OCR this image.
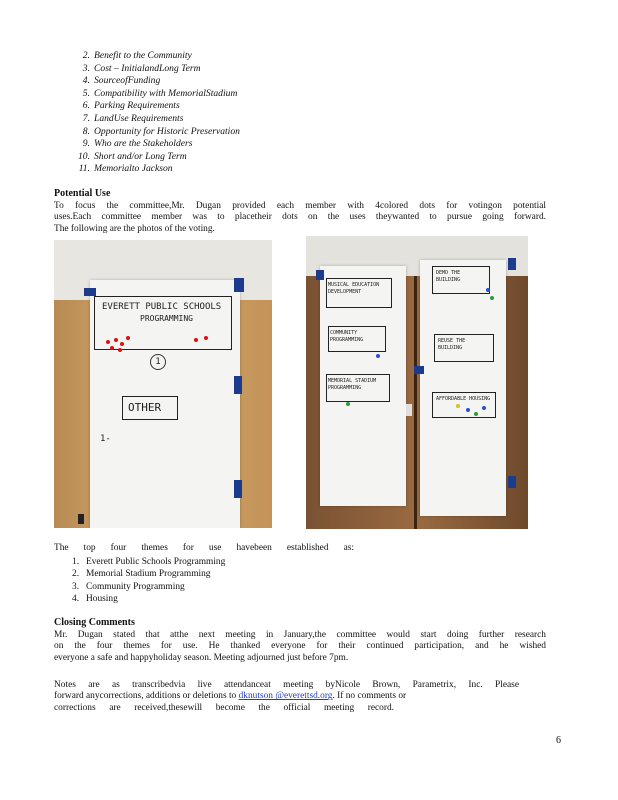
2. Benefit to the Community
3. Cost – InitialandLong Term
4. SourceofFunding
5. Compatibility with MemorialStadium
6. Parking Requirements
7. LandUse Requirements
8. Opportunity for Historic Preservation
9. Who are the Stakeholders
10. Short and/or Long Term
11. Memorialto Jackson
Potential Use
To focus the committee,Mr. Dugan provided each member with 4colored dots for votingon potential
uses.Each committee member was to placetheir dots on the uses theywanted to pursue going forward.
The following are the photos of the voting.
EVERETT PUBLIC SCHOOLS
PROGRAMMING
1
OTHER
1-
MUSICAL EDUCATION DEVELOPMENT
COMMUNITY PROGRAMMING
MEMORIAL STADIUM PROGRAMMING
DEMO THE BUILDING
REUSE THE BUILDING
AFFORDABLE HOUSING
The top four themes for use havebeen established as:
1. Everett Public Schools Programming
2. Memorial Stadium Programming
3. Community Programming
4. Housing
Closing Comments
Mr. Dugan stated that atthe next meeting in January,the committee would start doing further research
on the four themes for use. He thanked everyone for their continued participation, and he wished
everyone a safe and happyholiday season. Meeting adjourned just before 7pm.
Notes are as transcribedvia live attendanceat meeting byNicole Brown, Parametrix, Inc. Please
forward anycorrections, additions or deletions to dknutson @everettsd.org. If no comments or
corrections are received,thesewill become the official meeting record.
6
